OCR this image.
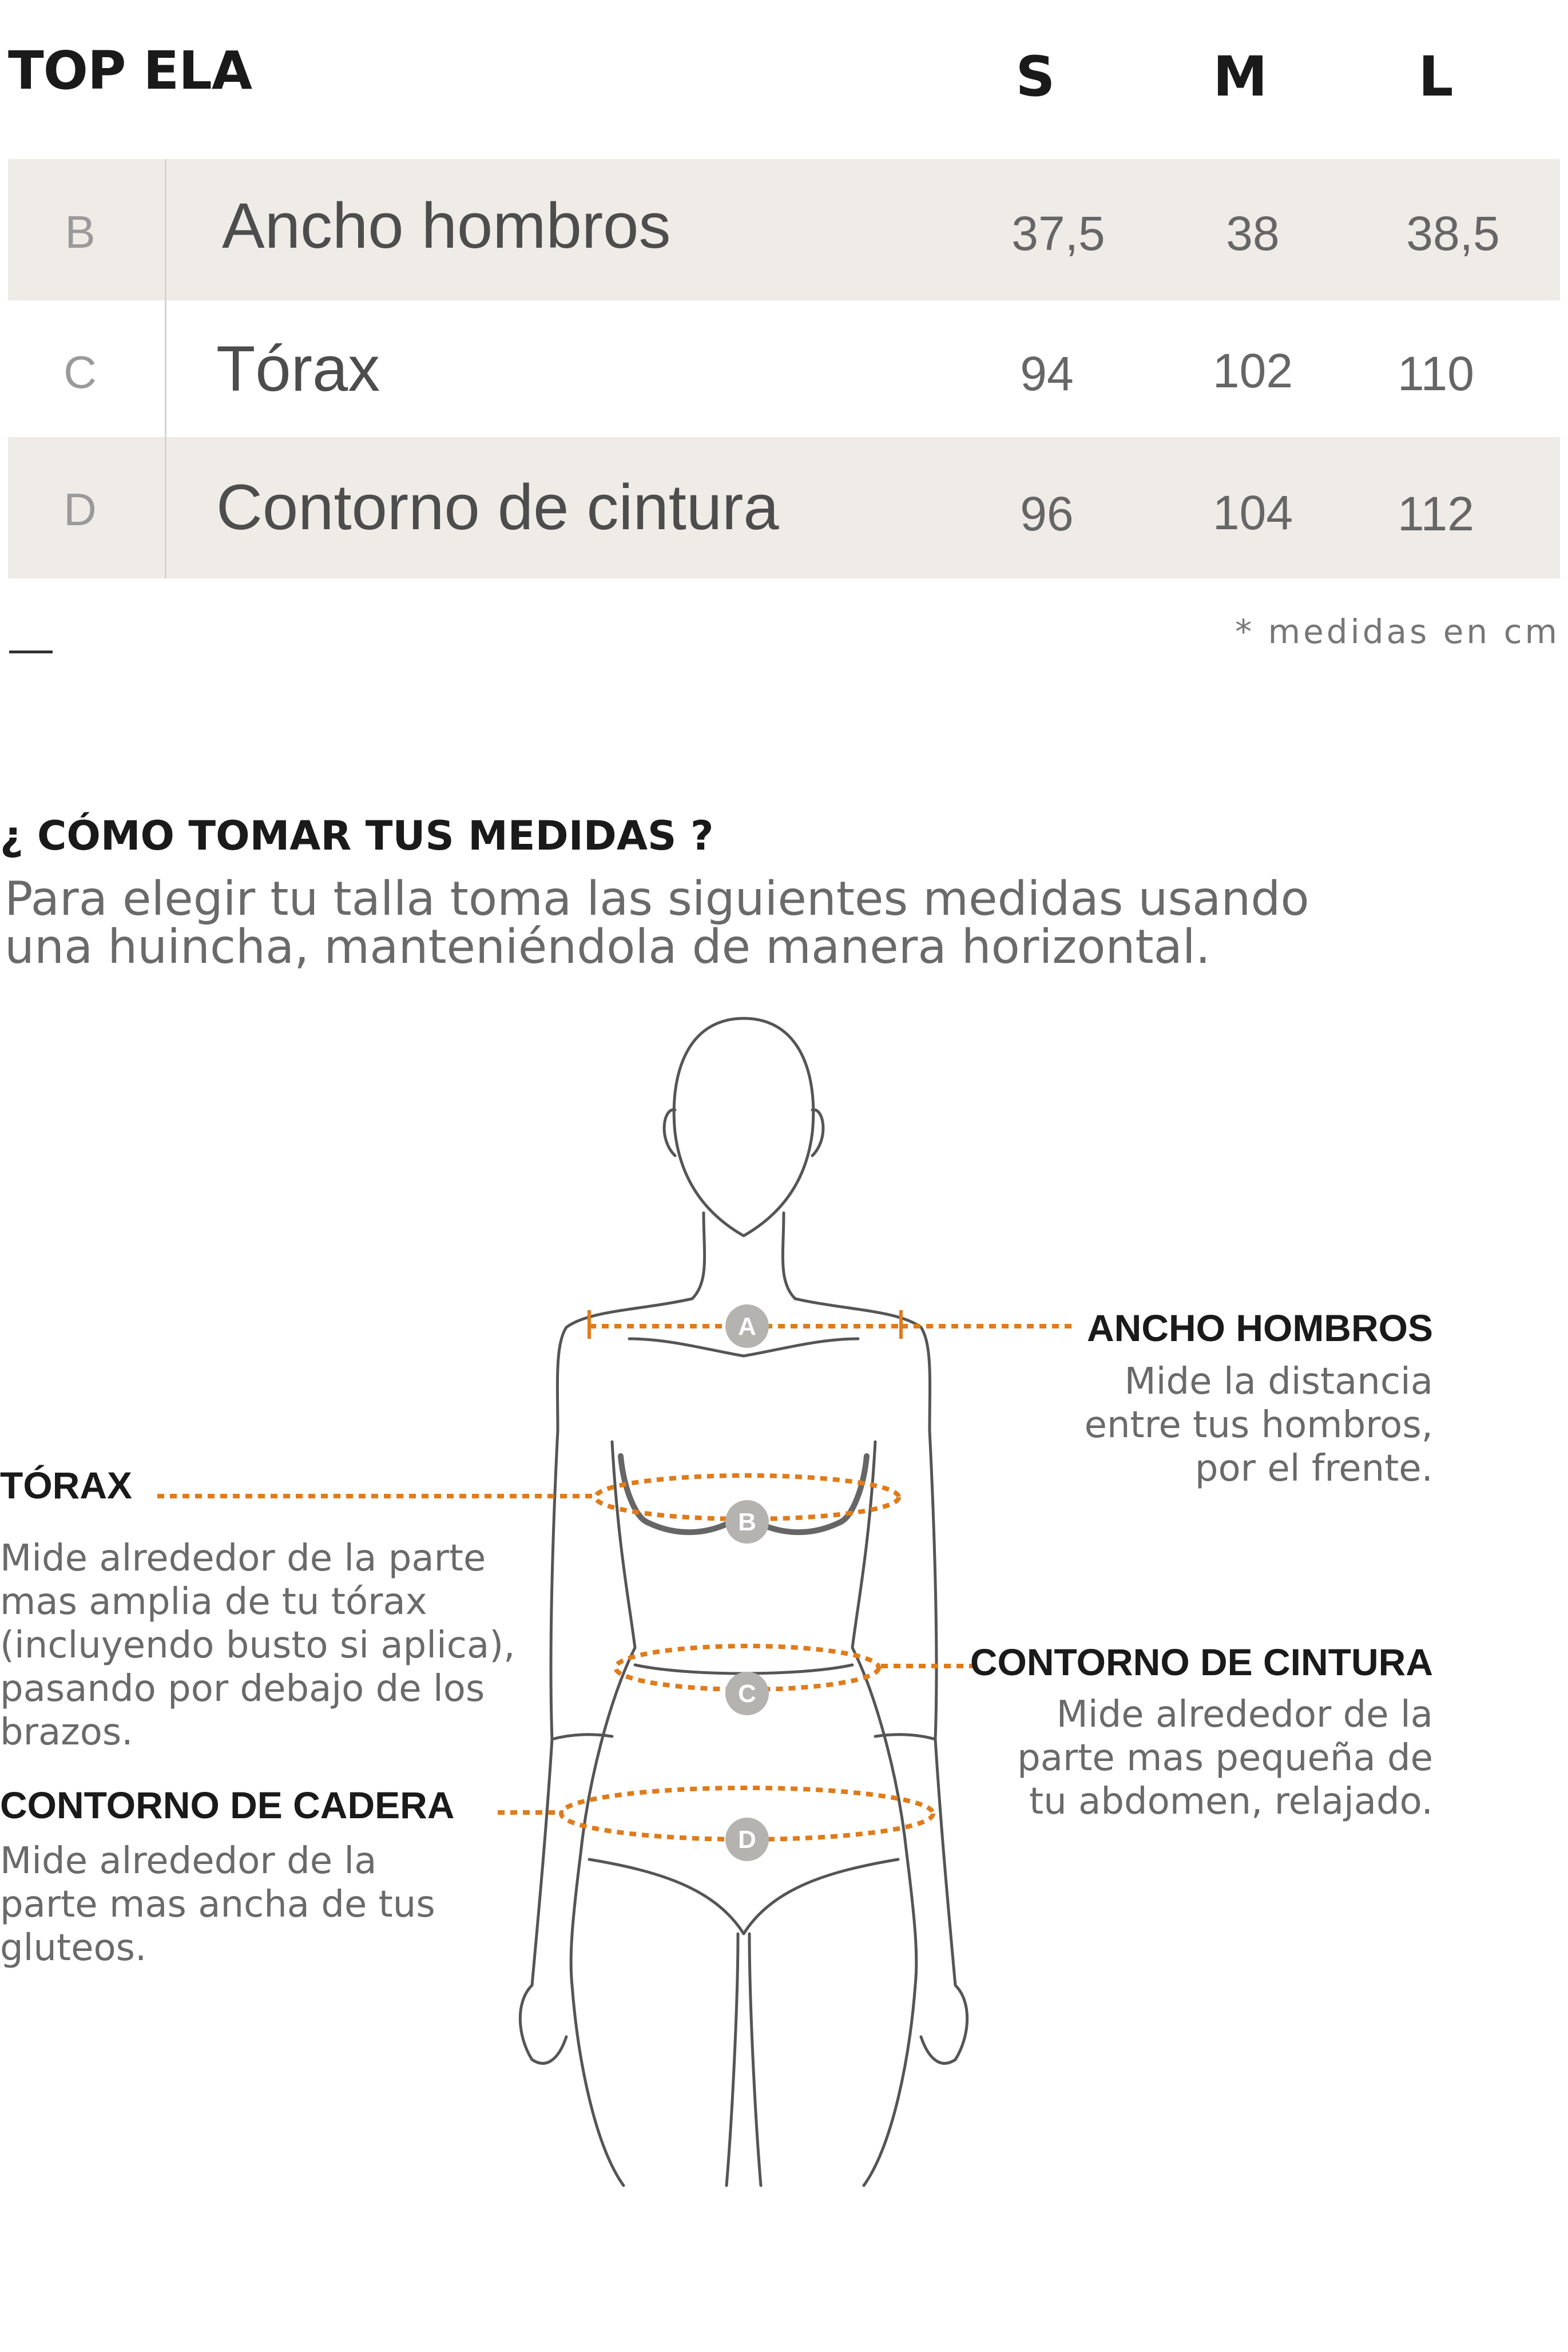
TOP ELA	S	M	L
B	Ancho hombros	37,5	38	38,5
C	Tórax	94	102	110
D	Contorno de cintura	96	104	112
* medidas en cm
¿ CÓMO TOMAR TUS MEDIDAS ?
Para elegir tu talla toma las siguientes medidas usando
una huincha, manteniéndola de manera horizontal.
A
B
C
D
ANCHO HOMBROS
Mide la distancia
entre tus hombros,
por el frente.
TÓRAX
Mide alrededor de la parte
mas amplia de tu tórax
(incluyendo busto si aplica),
pasando por debajo de los
brazos.
CONTORNO DE CINTURA
Mide alrededor de la
parte mas pequeña de
tu abdomen, relajado.
CONTORNO DE CADERA
Mide alrededor de la
parte mas ancha de tus
gluteos.
